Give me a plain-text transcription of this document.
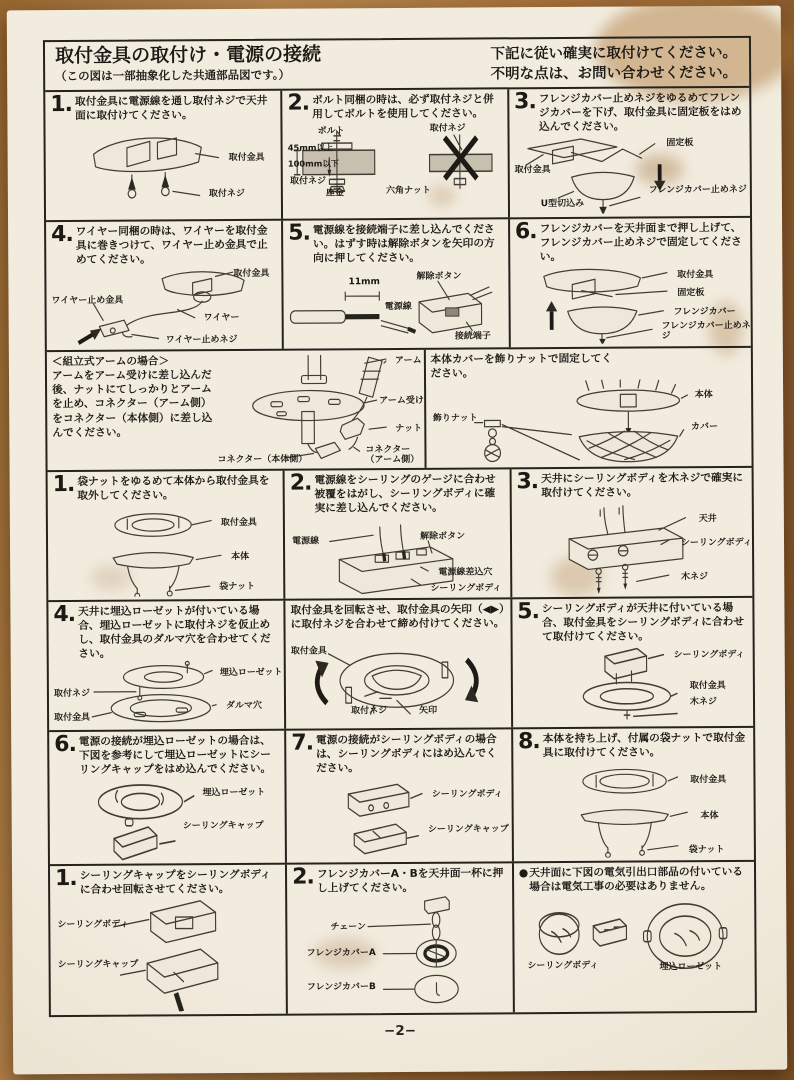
取付金具の取付け・電源の接続

（この図は一部抽象化した共通部品図です。）

下記に従い確実に取付けてください。
不明な点は、お問い合わせください。
1. 取付金具に電源線を通し取付ネジで天井面に取付けてください。

取付金具
取付ネジ
2. ボルト同梱の時は、必ず取付ネジと併用してボルトを使用してください。

ボルト	取付ネジ
45mm以上
100mm以下
取付ネジ
座金	六角ナット
3. フレンジカバー止めネジをゆるめてフレンジカバーを下げ、取付金具に固定板をはめ込んでください。

固定板
取付金具
U型切込み
フレンジカバー止めネジ
4. ワイヤー同梱の時は、ワイヤーを取付金具に巻きつけて、ワイヤー止め金具で止めてください。

取付金具
ワイヤー止め金具
ワイヤー
ワイヤー止めネジ
5. 電源線を接続端子に差し込んでください。はずす時は解除ボタンを矢印の方向に押してください。

11mm
解除ボタン
電源線
接続端子
6. フレンジカバーを天井面まで押し上げて、フレンジカバー止めネジで固定してください。

取付金具
固定板
フレンジカバー
フレンジカバー止めネジ

＜組立式アームの場合＞

アームをアーム受けに差し込んだ後、ナットにてしっかりとアームを止め、コネクター（アーム側）をコネクター（本体側）に差し込んでください。

アーム
アーム受け
ナット
コネクター（本体側）
コネクター（アーム側）

本体カバーを飾りナットで固定してください。

飾りナット
本体
カバー
1. 袋ナットをゆるめて本体から取付金具を取外してください。

取付金具
本体
袋ナット
2. 電源線をシーリングのゲージに合わせ被覆をはがし、シーリングボディに確実に差し込んでください。

電源線	解除ボタン
電源線差込穴
シーリングボディ
3. 天井にシーリングボディを木ネジで確実に取付けてください。

天井
シーリングボディ
木ネジ
4. 天井に埋込ローゼットが付いている場合、埋込ローゼットに取付ネジを仮止めし、取付金具のダルマ穴を合わせてください。

埋込ローゼット
取付ネジ
ダルマ穴
取付金具

取付金具を回転させ、取付金具の矢印（◀▶）に取付ネジを合わせて締め付けてください。

取付金具
取付ネジ	矢印
5. シーリングボディが天井に付いている場合、取付金具をシーリングボディに合わせて取付けてください。

シーリングボディ
取付金具
木ネジ
6. 電源の接続が埋込ローゼットの場合は、下図を参考にして埋込ローゼットにシーリングキャップをはめ込んでください。

埋込ローゼット
シーリングキャップ
7. 電源の接続がシーリングボディの場合は、シーリングボディにはめ込んでください。

シーリングボディ
シーリングキャップ
8. 本体を持ち上げ、付属の袋ナットで取付金具に取付けてください。

取付金具
本体
袋ナット
1. シーリングキャップをシーリングボディに合わせ回転させてください。

シーリングボディ
シーリングキャップ
2. フレンジカバーA・Bを天井面一杯に押し上げてください。

チェーン
フレンジカバーA
フレンジカバーB
● 天井面に下図の電気引出口部品の付いている場合は電気工事の必要はありません。

シーリングボディ	埋込ローゼット
−2−
